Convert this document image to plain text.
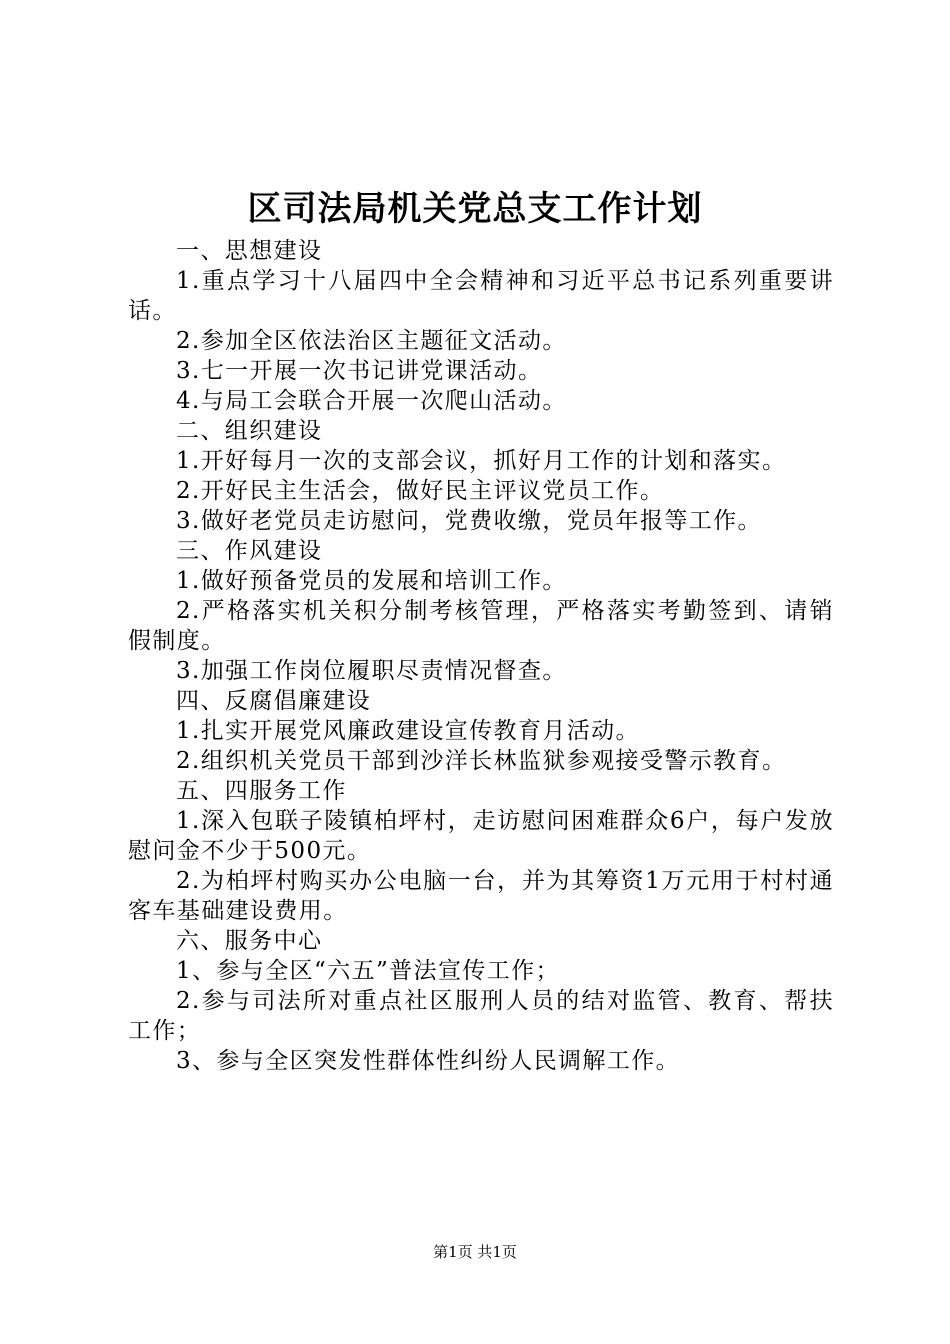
区司法局机关党总支工作计划

一、思想建设

1.重点学习十八届四中全会精神和习近平总书记系列重要讲话。

2.参加全区依法治区主题征文活动。

3.七一开展一次书记讲党课活动。

4.与局工会联合开展一次爬山活动。

二、组织建设

1.开好每月一次的支部会议，抓好月工作的计划和落实。

2.开好民主生活会，做好民主评议党员工作。

3.做好老党员走访慰问，党费收缴，党员年报等工作。

三、作风建设

1.做好预备党员的发展和培训工作。

2.严格落实机关积分制考核管理，严格落实考勤签到、请销假制度。

3.加强工作岗位履职尽责情况督查。

四、反腐倡廉建设

1.扎实开展党风廉政建设宣传教育月活动。

2.组织机关党员干部到沙洋长林监狱参观接受警示教育。

五、四服务工作

1.深入包联子陵镇柏坪村，走访慰问困难群众6户，每户发放慰问金不少于500元。

2.为柏坪村购买办公电脑一台，并为其筹资1万元用于村村通客车基础建设费用。

六、服务中心

1、参与全区“六五”普法宣传工作；

2.参与司法所对重点社区服刑人员的结对监管、教育、帮扶工作；

3、参与全区突发性群体性纠纷人民调解工作。

第1页 共1页
